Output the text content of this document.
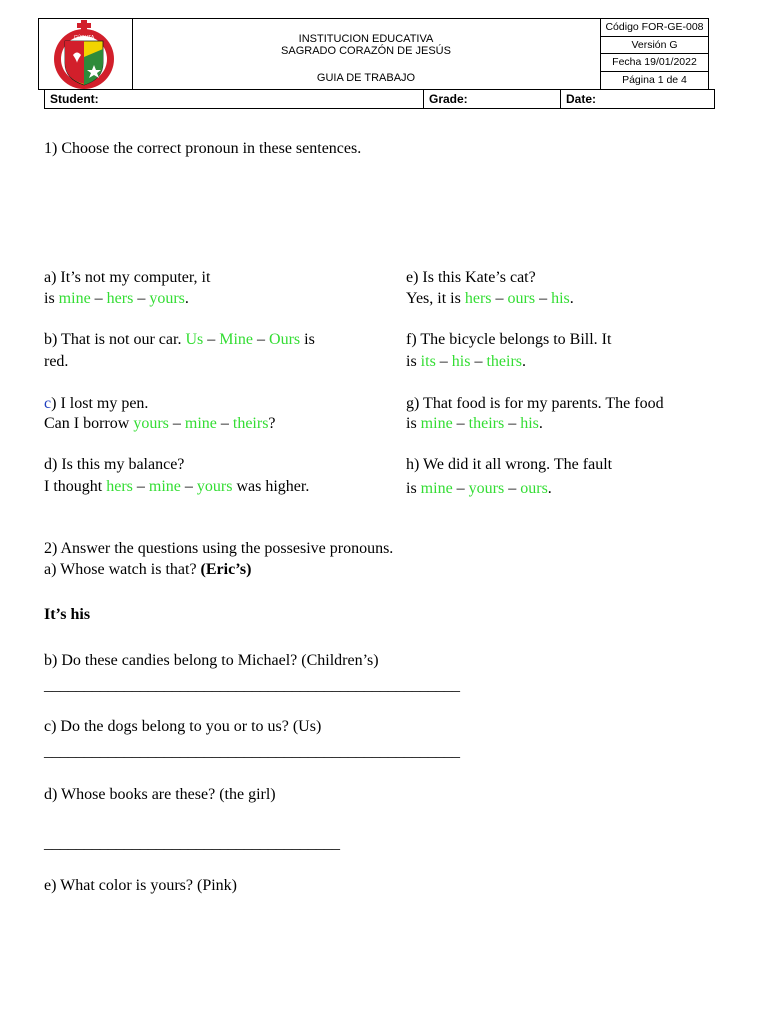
CÚCUTA	INSTITUCION EDUCATIVA
SAGRADO CORAZÓN DE JESÚS
GUIA DE TRABAJO
Código FOR-GE-008
Versión G
Fecha 19/01/2022
Página 1 de 4
Student:	Grade:	Date:
1) Choose the correct pronoun in these sentences.
a) It’s not my computer, it
is mine – hers – yours.
b) That is not our car. Us – Mine – Ours is
red.
c) I lost my pen.
Can I borrow yours – mine – theirs?
d) Is this my balance?
I thought hers – mine – yours was higher.
e) Is this Kate’s cat?
Yes, it is hers – ours – his.
f) The bicycle belongs to Bill. It
is its – his – theirs.
g) That food is for my parents. The food
is mine – theirs – his.
h) We did it all wrong. The fault
is mine – yours – ours.
2) Answer the questions using the possesive pronouns.
a) Whose watch is that? (Eric’s)
It’s his
b) Do these candies belong to Michael? (Children’s)
____________________________________________________
c) Do the dogs belong to you or to us? (Us)
____________________________________________________
d) Whose books are these? (the girl)
_____________________________________
e) What color is yours? (Pink)
